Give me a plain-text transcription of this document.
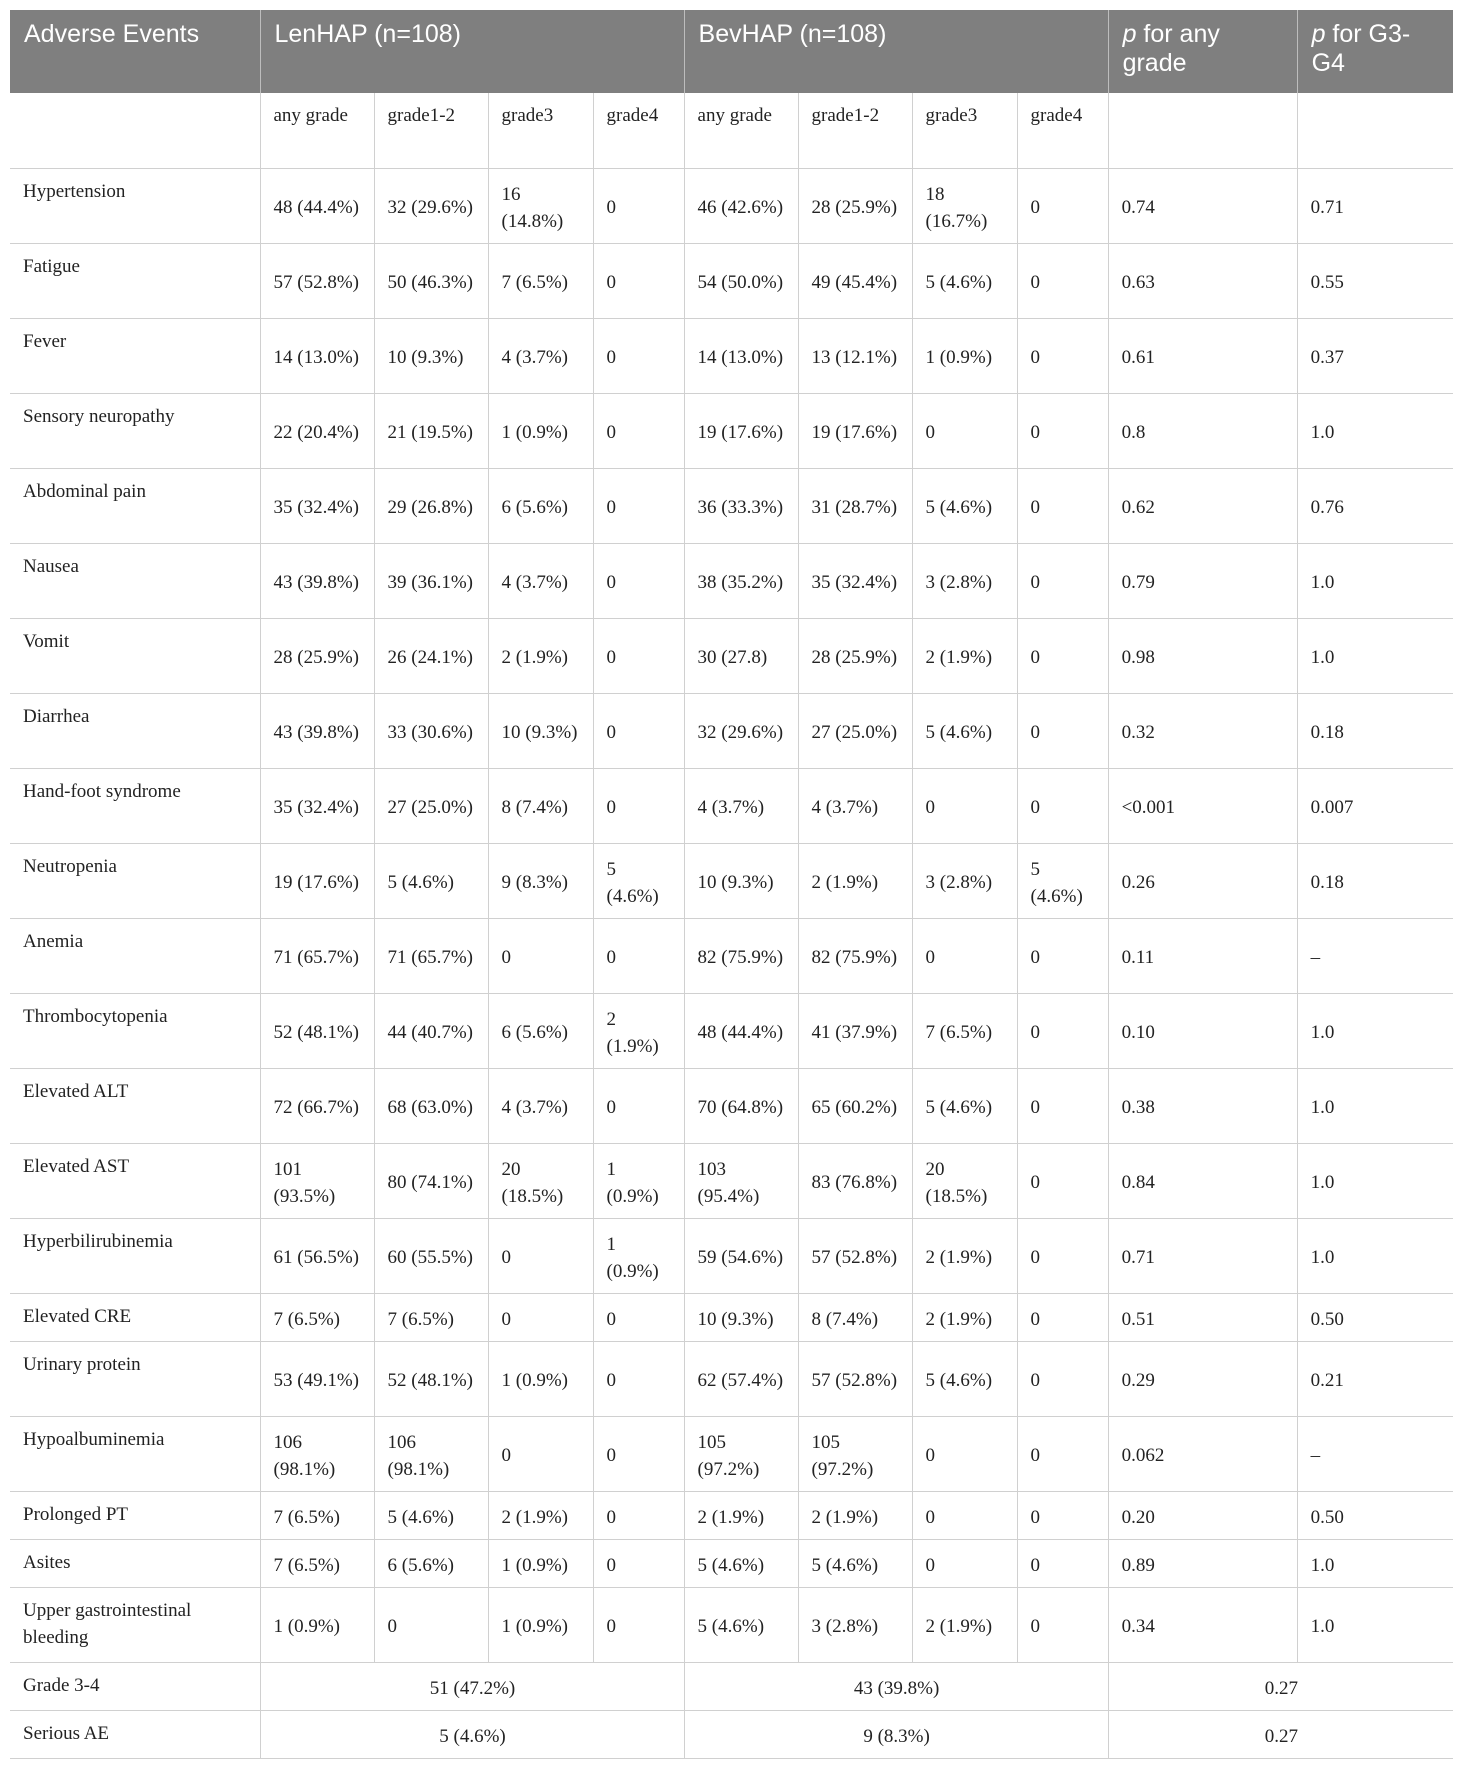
Adverse Events	LenHAP (n=108)				BevHAP (n=108)				p for any grade	p for G3-G4
	any grade	grade1-2	grade3	grade4	any grade	grade1-2	grade3	grade4		
Hypertension	48 (44.4%)	32 (29.6%)	16 (14.8%)	0	46 (42.6%)	28 (25.9%)	18 (16.7%)	0	0.74	0.71
Fatigue	57 (52.8%)	50 (46.3%)	7 (6.5%)	0	54 (50.0%)	49 (45.4%)	5 (4.6%)	0	0.63	0.55
Fever	14 (13.0%)	10 (9.3%)	4 (3.7%)	0	14 (13.0%)	13 (12.1%)	1 (0.9%)	0	0.61	0.37
Sensory neuropathy	22 (20.4%)	21 (19.5%)	1 (0.9%)	0	19 (17.6%)	19 (17.6%)	0	0	0.8	1.0
Abdominal pain	35 (32.4%)	29 (26.8%)	6 (5.6%)	0	36 (33.3%)	31 (28.7%)	5 (4.6%)	0	0.62	0.76
Nausea	43 (39.8%)	39 (36.1%)	4 (3.7%)	0	38 (35.2%)	35 (32.4%)	3 (2.8%)	0	0.79	1.0
Vomit	28 (25.9%)	26 (24.1%)	2 (1.9%)	0	30 (27.8)	28 (25.9%)	2 (1.9%)	0	0.98	1.0
Diarrhea	43 (39.8%)	33 (30.6%)	10 (9.3%)	0	32 (29.6%)	27 (25.0%)	5 (4.6%)	0	0.32	0.18
Hand-foot syndrome	35 (32.4%)	27 (25.0%)	8 (7.4%)	0	4 (3.7%)	4 (3.7%)	0	0	<0.001	0.007
Neutropenia	19 (17.6%)	5 (4.6%)	9 (8.3%)	5 (4.6%)	10 (9.3%)	2 (1.9%)	3 (2.8%)	5 (4.6%)	0.26	0.18
Anemia	71 (65.7%)	71 (65.7%)	0	0	82 (75.9%)	82 (75.9%)	0	0	0.11	–
Thrombocytopenia	52 (48.1%)	44 (40.7%)	6 (5.6%)	2 (1.9%)	48 (44.4%)	41 (37.9%)	7 (6.5%)	0	0.10	1.0
Elevated ALT	72 (66.7%)	68 (63.0%)	4 (3.7%)	0	70 (64.8%)	65 (60.2%)	5 (4.6%)	0	0.38	1.0
Elevated AST	101 (93.5%)	80 (74.1%)	20 (18.5%)	1 (0.9%)	103 (95.4%)	83 (76.8%)	20 (18.5%)	0	0.84	1.0
Hyperbilirubinemia	61 (56.5%)	60 (55.5%)	0	1 (0.9%)	59 (54.6%)	57 (52.8%)	2 (1.9%)	0	0.71	1.0
Elevated CRE	7 (6.5%)	7 (6.5%)	0	0	10 (9.3%)	8 (7.4%)	2 (1.9%)	0	0.51	0.50
Urinary protein	53 (49.1%)	52 (48.1%)	1 (0.9%)	0	62 (57.4%)	57 (52.8%)	5 (4.6%)	0	0.29	0.21
Hypoalbuminemia	106 (98.1%)	106 (98.1%)	0	0	105 (97.2%)	105 (97.2%)	0	0	0.062	–
Prolonged PT	7 (6.5%)	5 (4.6%)	2 (1.9%)	0	2 (1.9%)	2 (1.9%)	0	0	0.20	0.50
Asites	7 (6.5%)	6 (5.6%)	1 (0.9%)	0	5 (4.6%)	5 (4.6%)	0	0	0.89	1.0
Upper gastrointestinal bleeding	1 (0.9%)	0	1 (0.9%)	0	5 (4.6%)	3 (2.8%)	2 (1.9%)	0	0.34	1.0
Grade 3-4	51 (47.2%)				43 (39.8%)				0.27	
Serious AE	5 (4.6%)				9 (8.3%)				0.27	
